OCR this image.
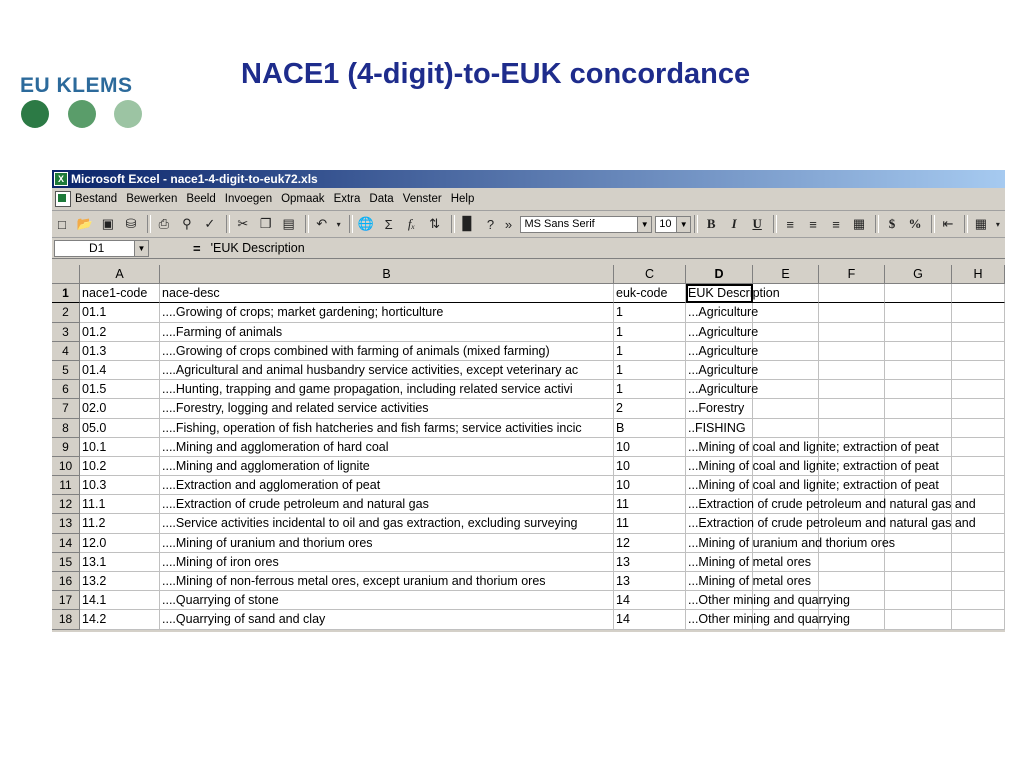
EU KLEMS	NACE1 (4-digit)-to-EUK concordance
X Microsoft Excel - nace1-4-digit-to-euk72.xls
Bestand Bewerken Beeld Invoegen Opmaak Extra Data Venster Help
□ 📂 ▣ ⛁	⎙	⚲ ✓	✂ ❐ ▤	↶	▾ 🌐 Σ	fₓ	⇅	▉	? » MS Sans Serif	▼ 10	▼	B	I	U	≡	≡	≡	▦	$	%	⇤	▦	▾
D1	▼	= 'EUK Description
A	B	C	D	E	F	G	H
1	nace1-code	nace-desc	euk-code	EUK Description
2	01.1	....Growing of crops; market gardening; horticulture	1	...Agriculture
3	01.2	....Farming of animals	1	...Agriculture
4	01.3	....Growing of crops combined with farming of animals (mixed farming)	1	...Agriculture
5	01.4	....Agricultural and animal husbandry service activities, except veterinary ac	1	...Agriculture
6	01.5	....Hunting, trapping and game propagation, including related service activi	1	...Agriculture
7	02.0	....Forestry, logging and related service activities	2	...Forestry
8	05.0	....Fishing, operation of fish hatcheries and fish farms; service activities incic	B	..FISHING
9	10.1	....Mining and agglomeration of hard coal	10	...Mining of coal and lignite; extraction of peat
10 10.2	....Mining and agglomeration of lignite	10	...Mining of coal and lignite; extraction of peat
11 10.3	....Extraction and agglomeration of peat	10	...Mining of coal and lignite; extraction of peat
12 11.1	....Extraction of crude petroleum and natural gas	11	...Extraction of crude petroleum and natural gas and
13 11.2	....Service activities incidental to oil and gas extraction, excluding surveying	11	...Extraction of crude petroleum and natural gas and
14 12.0	....Mining of uranium and thorium ores	12	...Mining of uranium and thorium ores
15 13.1	....Mining of iron ores	13	...Mining of metal ores
16 13.2	....Mining of non-ferrous metal ores, except uranium and thorium ores	13	...Mining of metal ores
17 14.1	....Quarrying of stone	14	...Other mining and quarrying
18 14.2	....Quarrying of sand and clay	14	...Other mining and quarrying
